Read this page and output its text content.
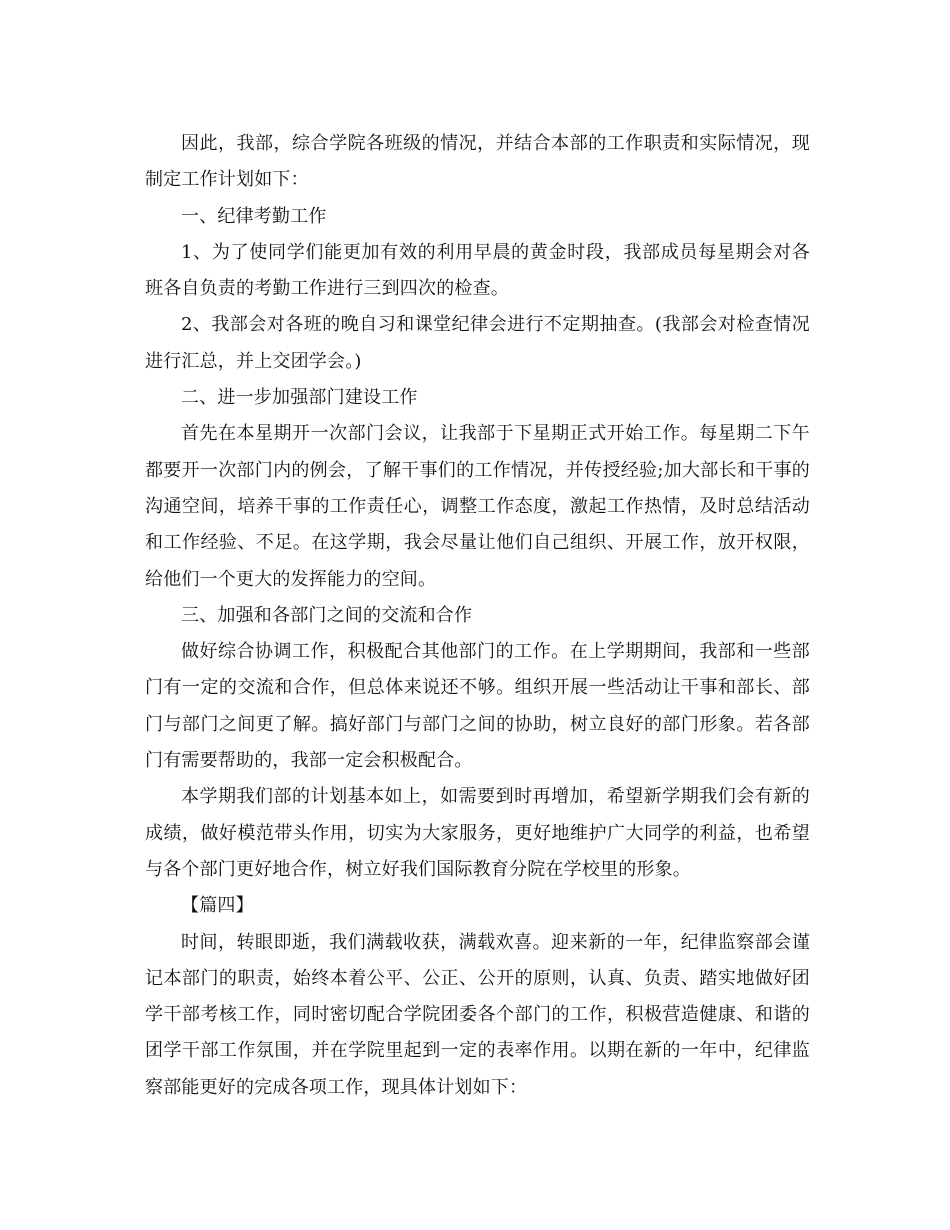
因此，我部，综合学院各班级的情况，并结合本部的工作职责和实际情况，现制定工作计划如下：

一、纪律考勤工作

1、为了使同学们能更加有效的利用早晨的黄金时段，我部成员每星期会对各班各自负责的考勤工作进行三到四次的检查。

2、我部会对各班的晚自习和课堂纪律会进行不定期抽查。(我部会对检查情况进行汇总，并上交团学会。)

二、进一步加强部门建设工作

首先在本星期开一次部门会议，让我部于下星期正式开始工作。每星期二下午都要开一次部门内的例会，了解干事们的工作情况，并传授经验;加大部长和干事的沟通空间，培养干事的工作责任心，调整工作态度，激起工作热情，及时总结活动和工作经验、不足。在这学期，我会尽量让他们自己组织、开展工作，放开权限，给他们一个更大的发挥能力的空间。

三、加强和各部门之间的交流和合作

做好综合协调工作，积极配合其他部门的工作。在上学期期间，我部和一些部门有一定的交流和合作，但总体来说还不够。组织开展一些活动让干事和部长、部门与部门之间更了解。搞好部门与部门之间的协助，树立良好的部门形象。若各部门有需要帮助的，我部一定会积极配合。

本学期我们部的计划基本如上，如需要到时再增加，希望新学期我们会有新的成绩，做好模范带头作用，切实为大家服务，更好地维护广大同学的利益，也希望与各个部门更好地合作，树立好我们国际教育分院在学校里的形象。

【篇四】

时间，转眼即逝，我们满载收获，满载欢喜。迎来新的一年，纪律监察部会谨记本部门的职责，始终本着公平、公正、公开的原则，认真、负责、踏实地做好团学干部考核工作，同时密切配合学院团委各个部门的工作，积极营造健康、和谐的团学干部工作氛围，并在学院里起到一定的表率作用。以期在新的一年中，纪律监察部能更好的完成各项工作，现具体计划如下：
